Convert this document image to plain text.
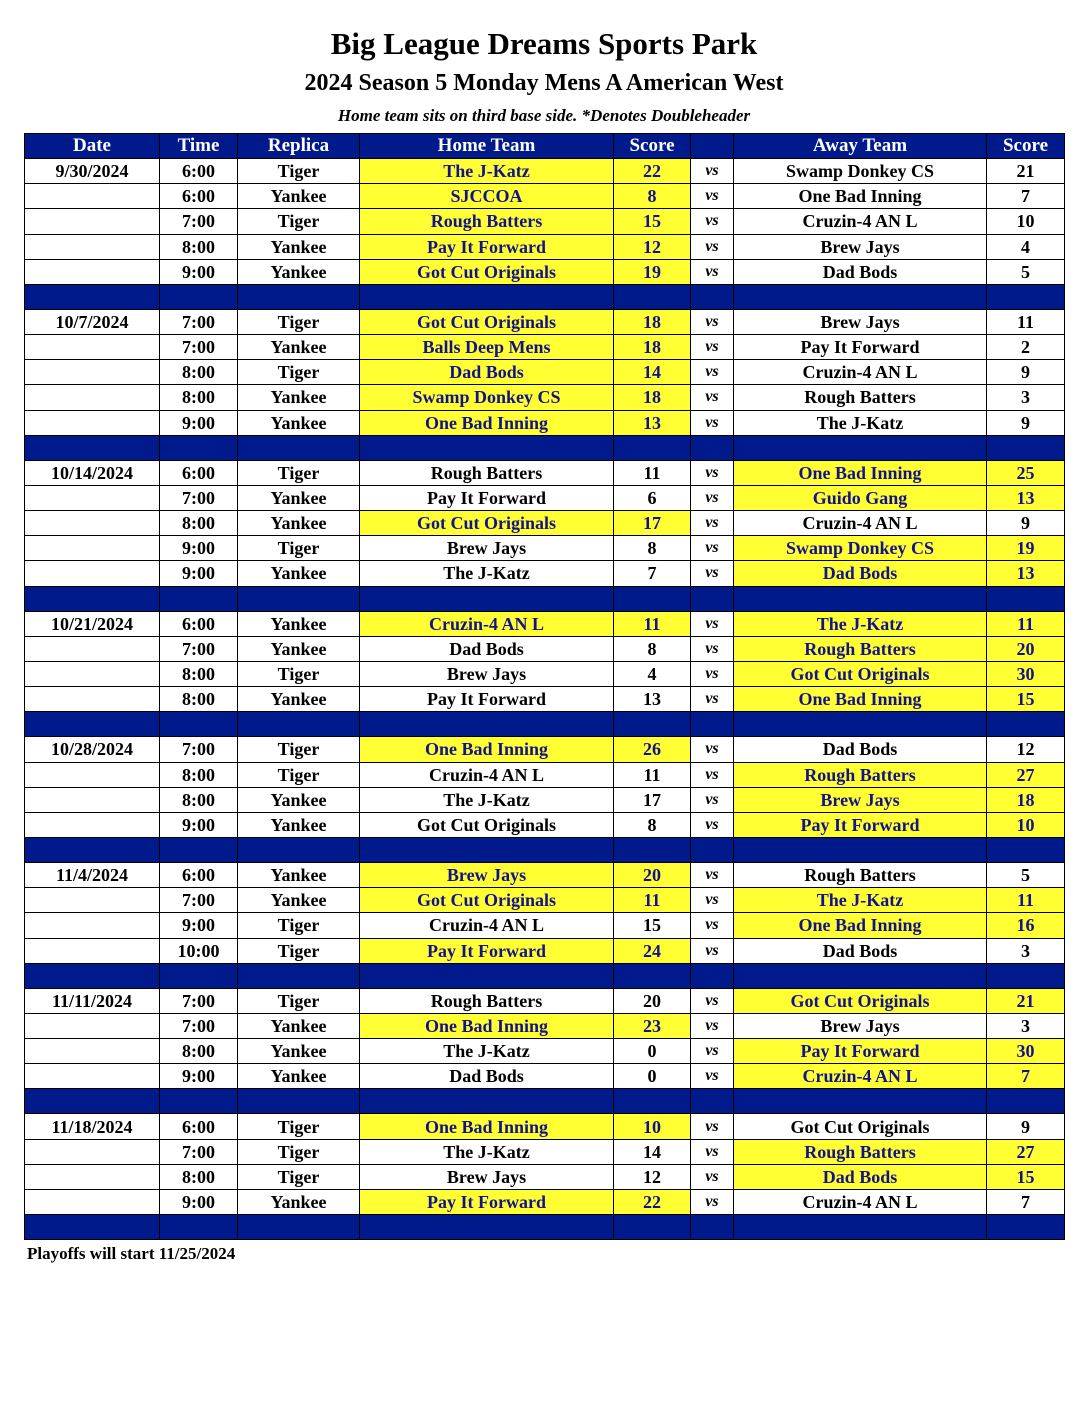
Big League Dreams Sports Park
2024 Season 5 Monday Mens A American West
Home team sits on third base side. *Denotes Doubleheader
Date	Time	Replica	Home Team	Score		Away Team	Score
9/30/2024	6:00	Tiger	The J-Katz	22	vs	Swamp Donkey CS	21
	6:00	Yankee	SJCCOA	8	vs	One Bad Inning	7
	7:00	Tiger	Rough Batters	15	vs	Cruzin-4 AN L	10
	8:00	Yankee	Pay It Forward	12	vs	Brew Jays	4
	9:00	Yankee	Got Cut Originals	19	vs	Dad Bods	5

10/7/2024	7:00	Tiger	Got Cut Originals	18	vs	Brew Jays	11
	7:00	Yankee	Balls Deep Mens	18	vs	Pay It Forward	2
	8:00	Tiger	Dad Bods	14	vs	Cruzin-4 AN L	9
	8:00	Yankee	Swamp Donkey CS	18	vs	Rough Batters	3
	9:00	Yankee	One Bad Inning	13	vs	The J-Katz	9

10/14/2024	6:00	Tiger	Rough Batters	11	vs	One Bad Inning	25
	7:00	Yankee	Pay It Forward	6	vs	Guido Gang	13
	8:00	Yankee	Got Cut Originals	17	vs	Cruzin-4 AN L	9
	9:00	Tiger	Brew Jays	8	vs	Swamp Donkey CS	19
	9:00	Yankee	The J-Katz	7	vs	Dad Bods	13

10/21/2024	6:00	Yankee	Cruzin-4 AN L	11	vs	The J-Katz	11
	7:00	Yankee	Dad Bods	8	vs	Rough Batters	20
	8:00	Tiger	Brew Jays	4	vs	Got Cut Originals	30
	8:00	Yankee	Pay It Forward	13	vs	One Bad Inning	15

10/28/2024	7:00	Tiger	One Bad Inning	26	vs	Dad Bods	12
	8:00	Tiger	Cruzin-4 AN L	11	vs	Rough Batters	27
	8:00	Yankee	The J-Katz	17	vs	Brew Jays	18
	9:00	Yankee	Got Cut Originals	8	vs	Pay It Forward	10

11/4/2024	6:00	Yankee	Brew Jays	20	vs	Rough Batters	5
	7:00	Yankee	Got Cut Originals	11	vs	The J-Katz	11
	9:00	Tiger	Cruzin-4 AN L	15	vs	One Bad Inning	16
	10:00	Tiger	Pay It Forward	24	vs	Dad Bods	3

11/11/2024	7:00	Tiger	Rough Batters	20	vs	Got Cut Originals	21
	7:00	Yankee	One Bad Inning	23	vs	Brew Jays	3
	8:00	Yankee	The J-Katz	0	vs	Pay It Forward	30
	9:00	Yankee	Dad Bods	0	vs	Cruzin-4 AN L	7

11/18/2024	6:00	Tiger	One Bad Inning	10	vs	Got Cut Originals	9
	7:00	Tiger	The J-Katz	14	vs	Rough Batters	27
	8:00	Tiger	Brew Jays	12	vs	Dad Bods	15
	9:00	Yankee	Pay It Forward	22	vs	Cruzin-4 AN L	7

Playoffs will start 11/25/2024
